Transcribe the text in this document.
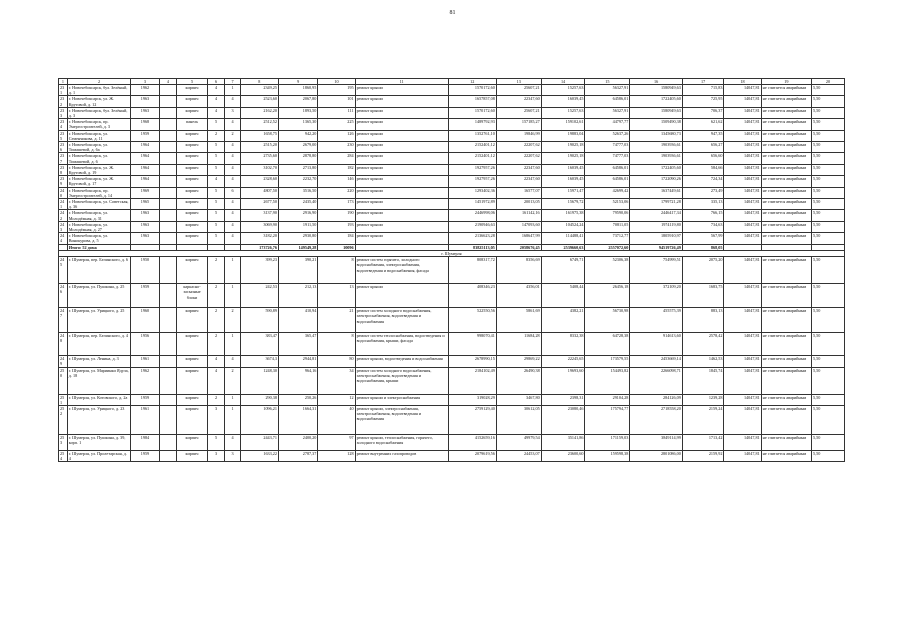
81
1	2	3	4	5	6	7	8	9	10	11	12	13	14	15	16	17	18	19	20
231	г. Новочебоксарск, бул. Зелёный, д. 1	1962		кирпич	4	1	2349,25	1860,95	195	ремонт крыши	1570172,60	25607,21	15257,63	56327,91	1580949,63	715,83	14047,81	не считается аварийным	5,50
232	г. Новочебоксарск, ул. Ж. Крутовой, д. 12	1963		кирпич	4	4	2523,60	2067,80	101	ремонт крыши	1657857,08	22347,60	16039,45	64586,01	1722405,60	725,95	14047,81	не считается аварийным	5,50
233	г. Новочебоксарск, бул. Зелёный, д. 3	1963		кирпич	4	3	2162,20	1893,50	111	ремонт крыши	1570172,60	25607,21	15257,63	56327,91	1580949,63	706,37	14047,81	не считается аварийным	5,50
234	г. Новочебоксарск, пр. Энергостроителей, д. 3	1968		панель	5	4	2512,52	1365,30	225	ремонт крыши	1489792,93	157185,27	159102,61	44797,77	1509490,38	621,62	14047,81	не считается аварийным	5,50
235	г. Новочебоксарск, ул. Семенчикова, д. 11	1959		кирпич	2	2	1658,75	942,20	126	ремонт крыши	1352761,10	19846,99	19883,04	52637,26	1345680,73	947,35	14047,81	не считается аварийным	5,50
236	г. Новочебоксарск, ул. Тимашевой, д. 6а	1964		кирпич	5	4	2515,20	2679,00	230	ремонт крыши	2152401,12	22207,62	19025,18	74777,03	1903936,61	656,27	14047,81	не считается аварийным	5,50
237	г. Новочебоксарск, ул. Тимашевой, д. 6	1964		кирпич	5	4	2735,60	2878,80	284	ремонт крыши	2152401,12	22207,62	19025,18	74777,03	1903936,61	656,60	14047,81	не считается аварийным	5,50
238	г. Новочебоксарск, ул. Ж. Крутовой, д. 19	1964		кирпич	5	4	3102,70	2713,80	182	ремонт крыши	1927957,26	22347,60	16039,45	64586,01	1722405,60	584,66	14047,81	не считается аварийным	5,50
239	г. Новочебоксарск, ул. Ж. Крутовой, д. 17	1964		кирпич	4	4	2328,60	2232,70	146	ремонт крыши	1927957,26	22347,60	16039,45	64586,01	1722090,26	724,34	14047,81	не считается аварийным	5,50
240	г. Новочебоксарск, пр. Энергостроителей, д. 14	1969		кирпич	5	6	4807,50	3516,50	220	ремонт крыши	1293402,36	16577,07	15971,47	42699,42	1637449,61	273,49	14047,81	не считается аварийным	5,50
241	г. Новочебоксарск, ул. Советская, д. 36	1965		кирпич	5	4	2677,50	2435,40	173	ремонт крыши	1451972,89	20013,05	15679,72	52153,06	1799721,28	335,13	14047,81	не считается аварийным	5,50
242	г. Новочебоксарск, ул. Молодёжная, д. 31	1963		кирпич	5	4	3137,90	2916,90	190	ремонт крыши	2446998,06	161142,16	161975,38	79590,06	2446417,34	766,15	14047,81	не считается аварийным	5,50
243	г. Новочебоксарск, ул. Молодёжная, д. 27	1963		кирпич	5	4	3069,90	1911,50	193	ремонт крыши	2190946,63	147093,60	104524,24	70811,05	1974119,80	734,63	14047,81	не считается аварийным	5,50
244	г. Новочебоксарск, ул. Винокурова, д. 5	1963		кирпич	5	4	3182,20	2930,80	184	ремонт крыши	2136623,28	168647,99	114488,41	73712,77	1805910,97	567,99	14047,81	не считается аварийным	5,50
	Итого: 52 дома						173726,76	149549,28	10096		83825113,05	2058676,45	2539660,63	2557072,60	94519726,49	868,05			
г. Шумерля																			
245	г. Шумерля, пер. Белинского, д. 6	1950		кирпич	2	1	399,23	390,21	8	ремонт систем горячего, холодного водоснабжения, электроснабжения, водоотведения и водоснабжения, фасада	808317,72	8356,69	6749,71	52306,38	754999,51	2075,20	14047,81	не считается аварийным	5,50
246	г. Шумерля, ул. Пушкина, д. 25	1959		каркасно-засыпные блоки	2	1	242,53	212,13	13	ремонт крыши	408346,23	4356,01	5408,44	26456,18	372109,20	1683,75	14047,81	не считается аварийным	5,50
247	г. Шумерля, ул. Урицкого, д. 25	1960		кирпич	2	2	590,89	410,94	21	ремонт систем холодного водоснабжения, электроснабжения, водоотведения и водоснабжения	522550,56	5861,69	4382,21	56730,98	455575,39	883,13	14047,81	не считается аварийным	5,50
248	г. Шумерля, пер. Белинского, д. 4	1956		кирпич	2	1	383,47	365,47	8	ремонт систем теплоснабжения, водоотведения и водоснабжения, крыши, фасада	998070,41	11684,28	8332,38	64728,38	914613,60	2578,42	14047,81	не считается аварийным	5,50
249	г. Шумерля, ул. Ленина, д. 3	1961		кирпич	4	4	3674,3	2944,81	80	ремонт крыши, водоотведения и водоснабжения	2678990,15	29869,22	22245,65	173579,55	2453669,14	1462,53	14047,81	не считается аварийным	5,50
250	г. Шумерля, ул. Мариинки Ядула, д. 18	1962		кирпич	4	2	1248,30	964,16	34	ремонт систем холодного водоснабжения, электроснабжения, водоотведения и водоснабжения, крыши	2184102,49	26490,38	19693,60	154493,82	2266098,71	1845,74	14047,81	не считается аварийным	5,50
251	г. Шумерля, ул. Котовского, д. 2а	1959		кирпич	2	1	290,38	250,26	12	ремонт крыши и электроснабжения	319028,29	3467,80	2398,31	29104,28	284126,09	1239,28	14047,81	не считается аварийным	5,50
252	г. Шумерля, ул. Урицкого, д. 23	1961		кирпич	3	1	1096,21	1664,31	40	ремонт крыши, электроснабжения, электроснабжения, водоотведения и водоснабжения	2759129,40	30612,05	23080,46	175794,77	2718558,20	2159,24	14047,81	не считается аварийным	5,50
253	г. Шумерля, ул. Пушкина, д. 39, корп. 1	1984		кирпич	5	4	2443,71	2400,20	97	ремонт крыши, теплоснабжения, горячего, холодного водоснабжения	4152659,16	49979,54	35141,86	171159,03	3849114,99	1713,42	14047,81	не считается аварийным	5,50
254	г. Шумерля, ул. Пролетарская, д. 4	1959		кирпич	3	3	1633,22	2787,37	128	ремонт внутренних газопроводов	2079619,56	24453,07	23600,60	159598,38	2801086,00	2159,92	14047,81	не считается аварийным	5,50
